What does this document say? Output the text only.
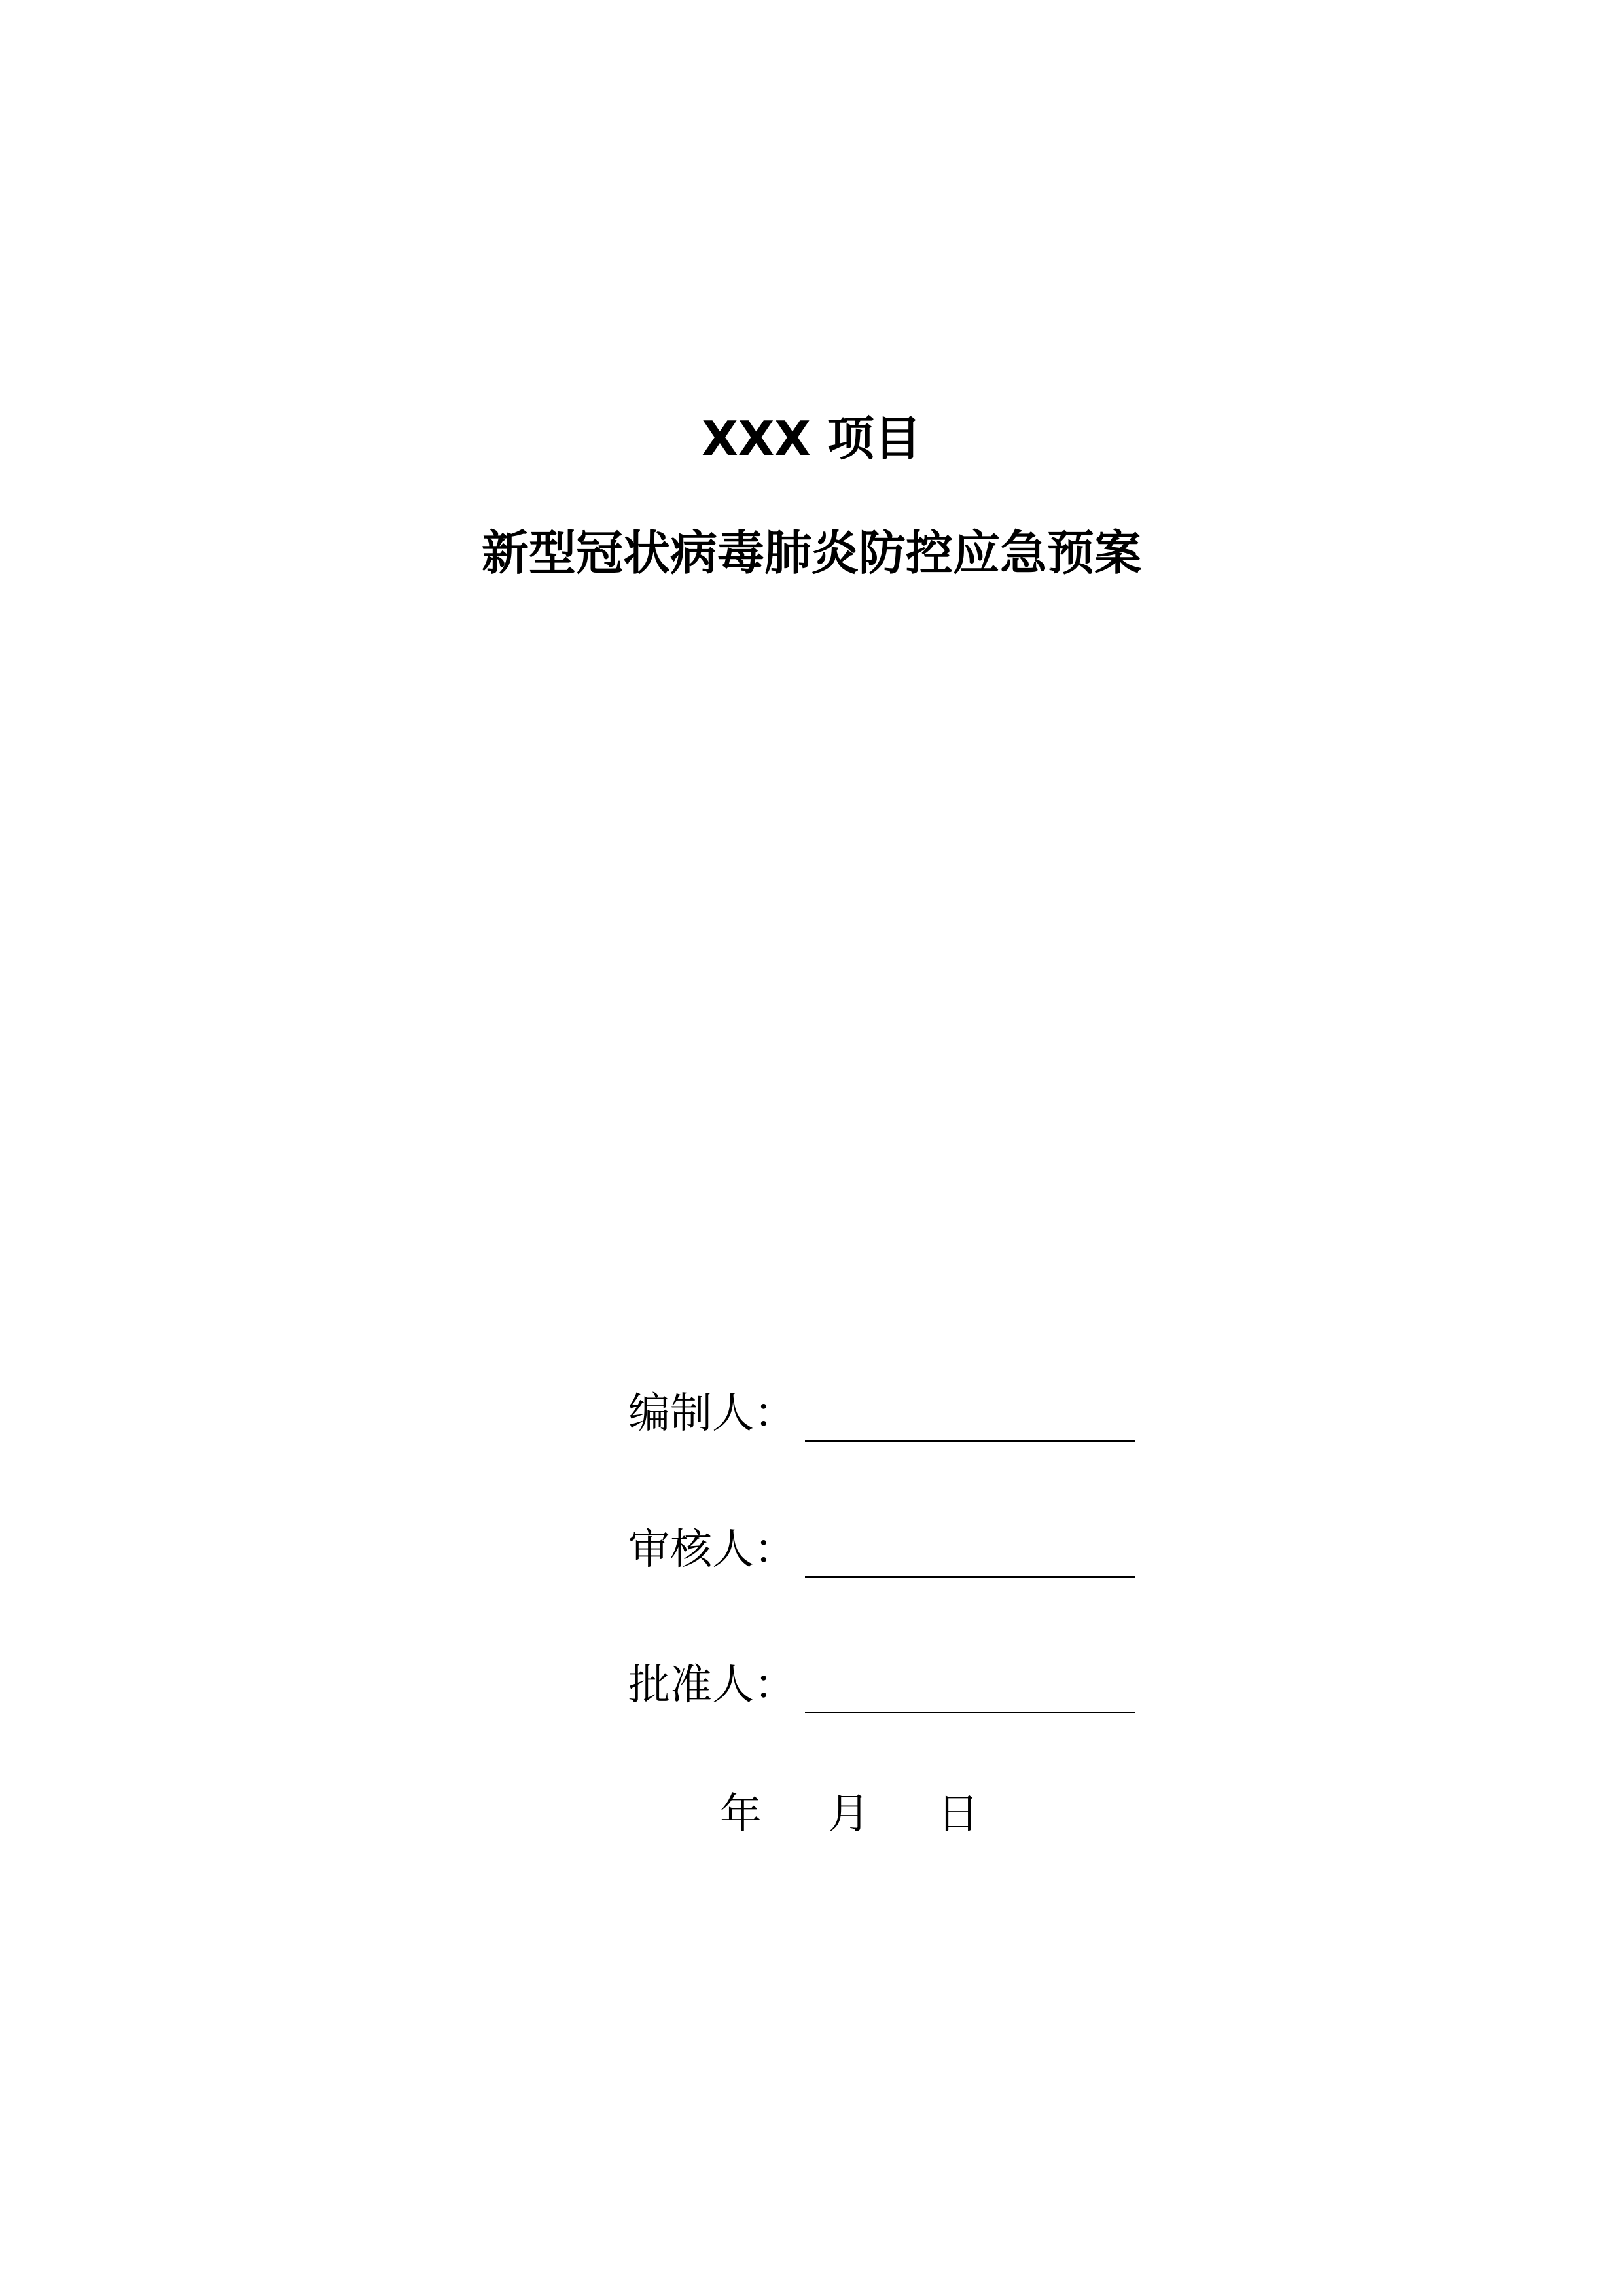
XXX 项目
新型冠状病毒肺炎防控应急预案
编制人：
审核人：
批准人：
年 月 日
